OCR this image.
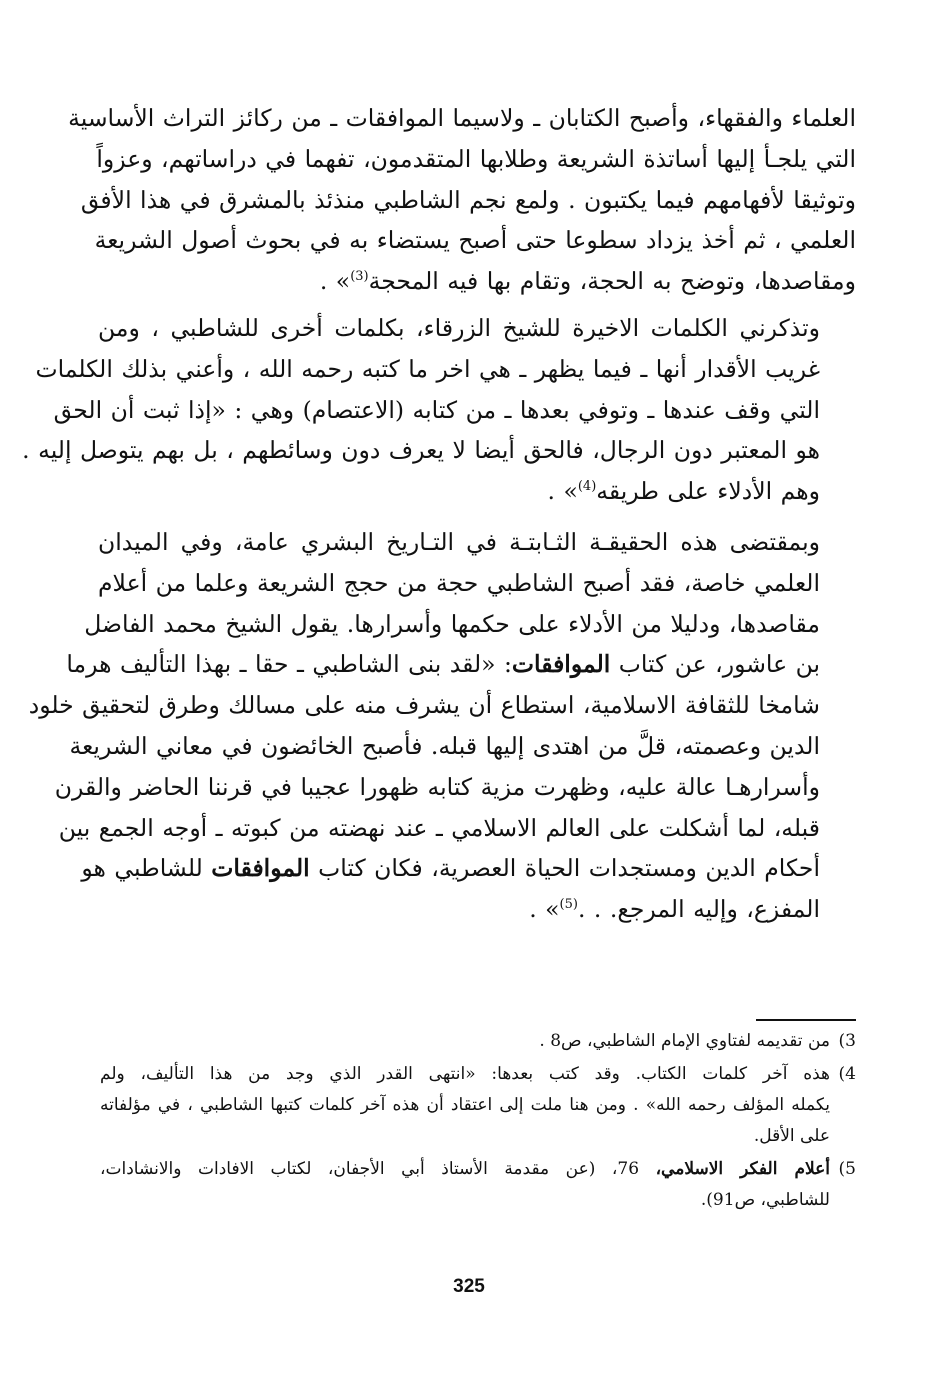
العلماء والفقهاء، وأصبح الكتابان ـ ولاسيما الموافقات ـ من ركائز التراث الأساسية
التي يلجـأ إليها أساتذة الشريعة وطلابها المتقدمون، تفهما في دراساتهم، وعزواً
وتوثيقا لأفهامهم فيما يكتبون . ولمع نجم الشاطبي منذئذ بالمشرق في هذا الأفق
العلمي ، ثم أخذ يزداد سطوعا حتى أصبح يستضاء به في بحوث أصول الشريعة
ومقاصدها، وتوضح به الحجة، وتقام بها فيه المحجة$^{(3)}$» .

وتذكرني الكلمات الاخيرة للشيخ الزرقاء، بكلمات أخرى للشاطبي ، ومن
غريب الأقدار أنها ـ فيما يظهر ـ هي اخر ما كتبه رحمه الله ، وأعني بذلك الكلمات
التي وقف عندها ـ وتوفي بعدها ـ من كتابه (الاعتصام) وهي : «إذا ثبت أن الحق
هو المعتبر دون الرجال، فالحق أيضا لا يعرف دون وسائطهم ، بل بهم يتوصل إليه .
وهم الأدلاء على طريقه$^{(4)}$» .

وبمقتضى هذه الحقيقـة الثـابتـة في التـاريخ البشري عامة، وفي الميدان
العلمي خاصة، فقد أصبح الشاطبي حجة من حجج الشريعة وعلما من أعلام
مقاصدها، ودليلا من الأدلاء على حكمها وأسرارها. يقول الشيخ محمد الفاضل
بن عاشور، عن كتاب الموافقات: «لقد بنى الشاطبي ـ حقا ـ بهذا التأليف هرما
شامخا للثقافة الاسلامية، استطاع أن يشرف منه على مسالك وطرق لتحقيق خلود
الدين وعصمته، قلَّ من اهتدى إليها قبله. فأصبح الخائضون في معاني الشريعة
وأسرارهـا عالة عليه، وظهرت مزية كتابه ظهورا عجيبا في قرننا الحاضر والقرن
قبله، لما أشكلت على العالم الاسلامي ـ عند نهضته من كبوته ـ أوجه الجمع بين
أحكام الدين ومستجدات الحياة العصرية، فكان كتاب الموافقات للشاطبي هو
المفزع، وإليه المرجع. . .$^{(5)}$» .

3)
من تقديمه لفتاوي الإمام الشاطبي، ص8 .
4)
هذه آخر كلمات الكتاب. وقد كتب بعدها: «انتهى القدر الذي وجد من هذا التأليف، ولم
يكمله المؤلف رحمه الله» . ومن هنا ملت إلى اعتقاد أن هذه آخر كلمات كتبها الشاطبي ، في مؤلفاته
على الأقل.
5)
أعلام الفكر الاسلامي، 76، (عن مقدمة الأستاذ أبي الأجفان، لكتاب الافادات والانشادات،
للشاطبي، ص91).
325
